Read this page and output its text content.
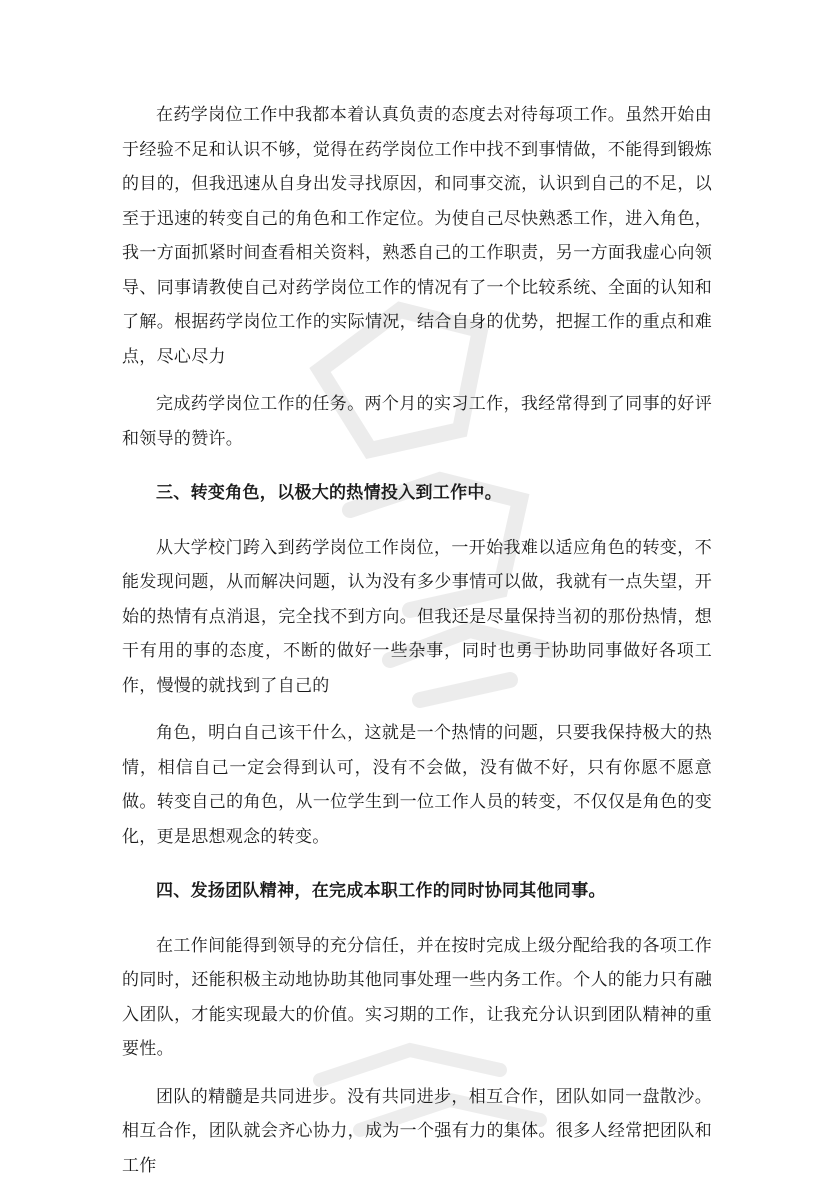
在药学岗位工作中我都本着认真负责的态度去对待每项工作。虽然开始由于经验不足和认识不够，觉得在药学岗位工作中找不到事情做，不能得到锻炼的目的，但我迅速从自身出发寻找原因，和同事交流，认识到自己的不足，以至于迅速的转变自己的角色和工作定位。为使自己尽快熟悉工作，进入角色，我一方面抓紧时间查看相关资料，熟悉自己的工作职责，另一方面我虚心向领导、同事请教使自己对药学岗位工作的情况有了一个比较系统、全面的认知和了解。根据药学岗位工作的实际情况，结合自身的优势，把握工作的重点和难点，尽心尽力

完成药学岗位工作的任务。两个月的实习工作，我经常得到了同事的好评和领导的赞许。

三、转变角色，以极大的热情投入到工作中。

从大学校门跨入到药学岗位工作岗位，一开始我难以适应角色的转变，不能发现问题，从而解决问题，认为没有多少事情可以做，我就有一点失望，开始的热情有点消退，完全找不到方向。但我还是尽量保持当初的那份热情，想干有用的事的态度，不断的做好一些杂事，同时也勇于协助同事做好各项工作，慢慢的就找到了自己的

角色，明白自己该干什么，这就是一个热情的问题，只要我保持极大的热情，相信自己一定会得到认可，没有不会做，没有做不好，只有你愿不愿意做。转变自己的角色，从一位学生到一位工作人员的转变，不仅仅是角色的变化，更是思想观念的转变。

四、发扬团队精神，在完成本职工作的同时协同其他同事。

在工作间能得到领导的充分信任，并在按时完成上级分配给我的各项工作的同时，还能积极主动地协助其他同事处理一些内务工作。个人的能力只有融入团队，才能实现最大的价值。实习期的工作，让我充分认识到团队精神的重要性。

团队的精髓是共同进步。没有共同进步，相互合作，团队如同一盘散沙。相互合作，团队就会齐心协力，成为一个强有力的集体。很多人经常把团队和工作
